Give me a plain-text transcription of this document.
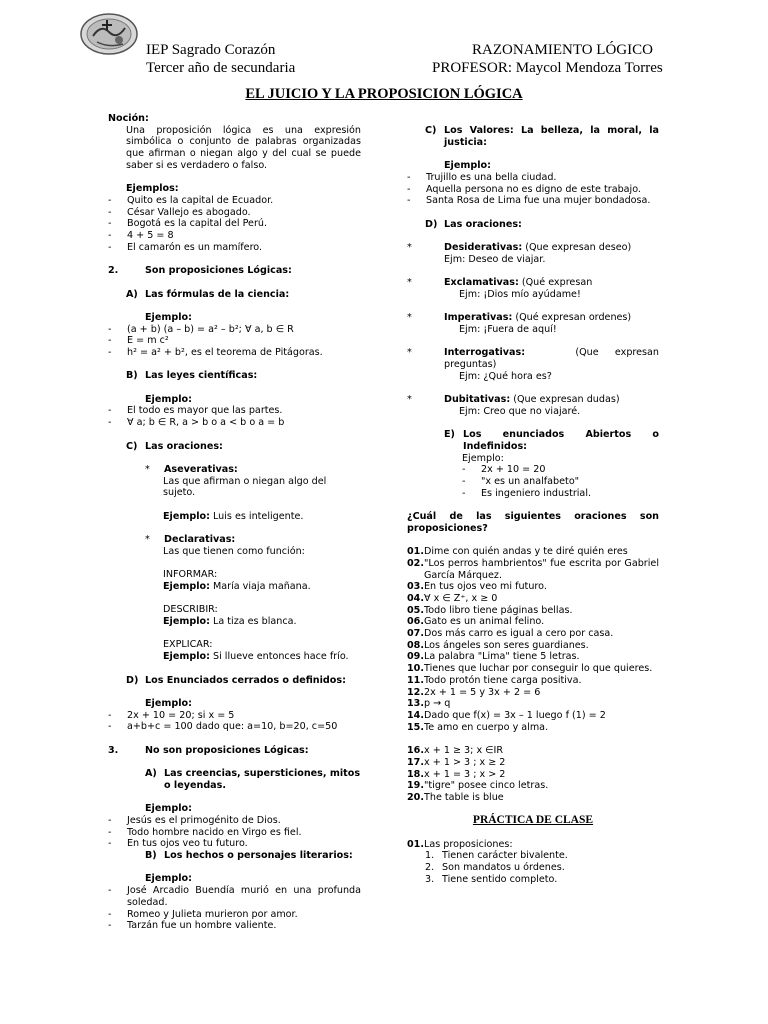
IEP Sagrado Corazón
Tercer año de secundaria
RAZONAMIENTO LÓGICO
PROFESOR: Maycol Mendoza Torres
EL JUICIO Y LA PROPOSICION LÓGICA
Noción:
Una proposición lógica es una expresión simbólica o conjunto de palabras organizadas que afirman o niegan algo y del cual se puede saber si es verdadero o falso.
Ejemplos:
-	Quito es la capital de Ecuador.
-	César Vallejo es abogado.
-	Bogotá es la capital del Perú.
-	4 + 5 = 8
-	El camarón es un mamífero.
2.	Son proposiciones Lógicas:
A) Las fórmulas de la ciencia:
Ejemplo:
-	(a + b) (a – b) = a² – b²; ∀ a, b ∈ R
-	E = m c²
-	h² = a² + b², es el teorema de Pitágoras.
B) Las leyes científicas:
Ejemplo:
-	El todo es mayor que las partes.
-	∀ a; b ∈ R, a > b o a < b o a = b
C) Las oraciones:
*	Aseverativas:
Las que afirman o niegan algo del sujeto.
Ejemplo: Luis es inteligente.
*	Declarativas:
Las que tienen como función:
INFORMAR:
Ejemplo: María viaja mañana.
DESCRIBIR:
Ejemplo: La tiza es blanca.
EXPLICAR:
Ejemplo: Si llueve entonces hace frío.
D) Los Enunciados cerrados o definidos:
Ejemplo:
-	2x + 10 = 20; si x = 5
-	a+b+c = 100 dado que: a=10, b=20, c=50
3.	No son proposiciones Lógicas:
A) Las creencias, supersticiones, mitos o leyendas.
Ejemplo:
-	Jesús es el primogénito de Dios.
-	Todo hombre nacido en Virgo es fiel.
-	En tus ojos veo tu futuro.
B) Los hechos o personajes literarios:
Ejemplo:
-	José Arcadio Buendía murió en una profunda soledad.
-	Romeo y Julieta murieron por amor.
-	Tarzán fue un hombre valiente.
C) Los Valores: La belleza, la moral, la justicia:
Ejemplo:
-	Trujillo es una bella ciudad.
-	Aquella persona no es digno de este trabajo.
-	Santa Rosa de Lima fue una mujer bondadosa.
D) Las oraciones:
*	Desiderativas: (Que expresan deseo)
Ejm: Deseo de viajar.
*	Exclamativas: (Qué expresan
Ejm: ¡Dios mío ayúdame!
*	Imperativas: (Qué expresan ordenes)
Ejm: ¡Fuera de aquí!
*	Interrogativas:	(Que expresan preguntas)
Ejm: ¿Qué hora es?
*	Dubitativas: (Que expresan dudas)
Ejm: Creo que no viajaré.
E) Los enunciados Abiertos o Indefinidos:
Ejemplo:
-	2x + 10 = 20
-	"x es un analfabeto"
-	Es ingeniero industrial.
¿Cuál de las siguientes oraciones son proposiciones?
01. Dime con quién andas y te diré quién eres
02. "Los perros hambrientos" fue escrita por Gabriel García Márquez.
03. En tus ojos veo mi futuro.
04. ∀ x ∈ Z⁺, x ≥ 0
05. Todo libro tiene páginas bellas.
06. Gato es un animal felino.
07. Dos más carro es igual a cero por casa.
08. Los ángeles son seres guardianes.
09. La palabra "Lima" tiene 5 letras.
10. Tienes que luchar por conseguir lo que quieres.
11. Todo protón tiene carga positiva.
12. 2x + 1 = 5 y 3x + 2 = 6
13. p → q
14. Dado que f(x) = 3x – 1 luego f (1) = 2
15. Te amo en cuerpo y alma.
16. x + 1 ≥ 3; x ∈IR
17. x + 1 > 3 ; x ≥ 2
18. x + 1 = 3 ; x > 2
19. "tigre" posee cinco letras.
20. The table is blue
PRÁCTICA DE CLASE
01. Las proposiciones:
1. Tienen carácter bivalente.
2. Son mandatos u órdenes.
3. Tiene sentido completo.
